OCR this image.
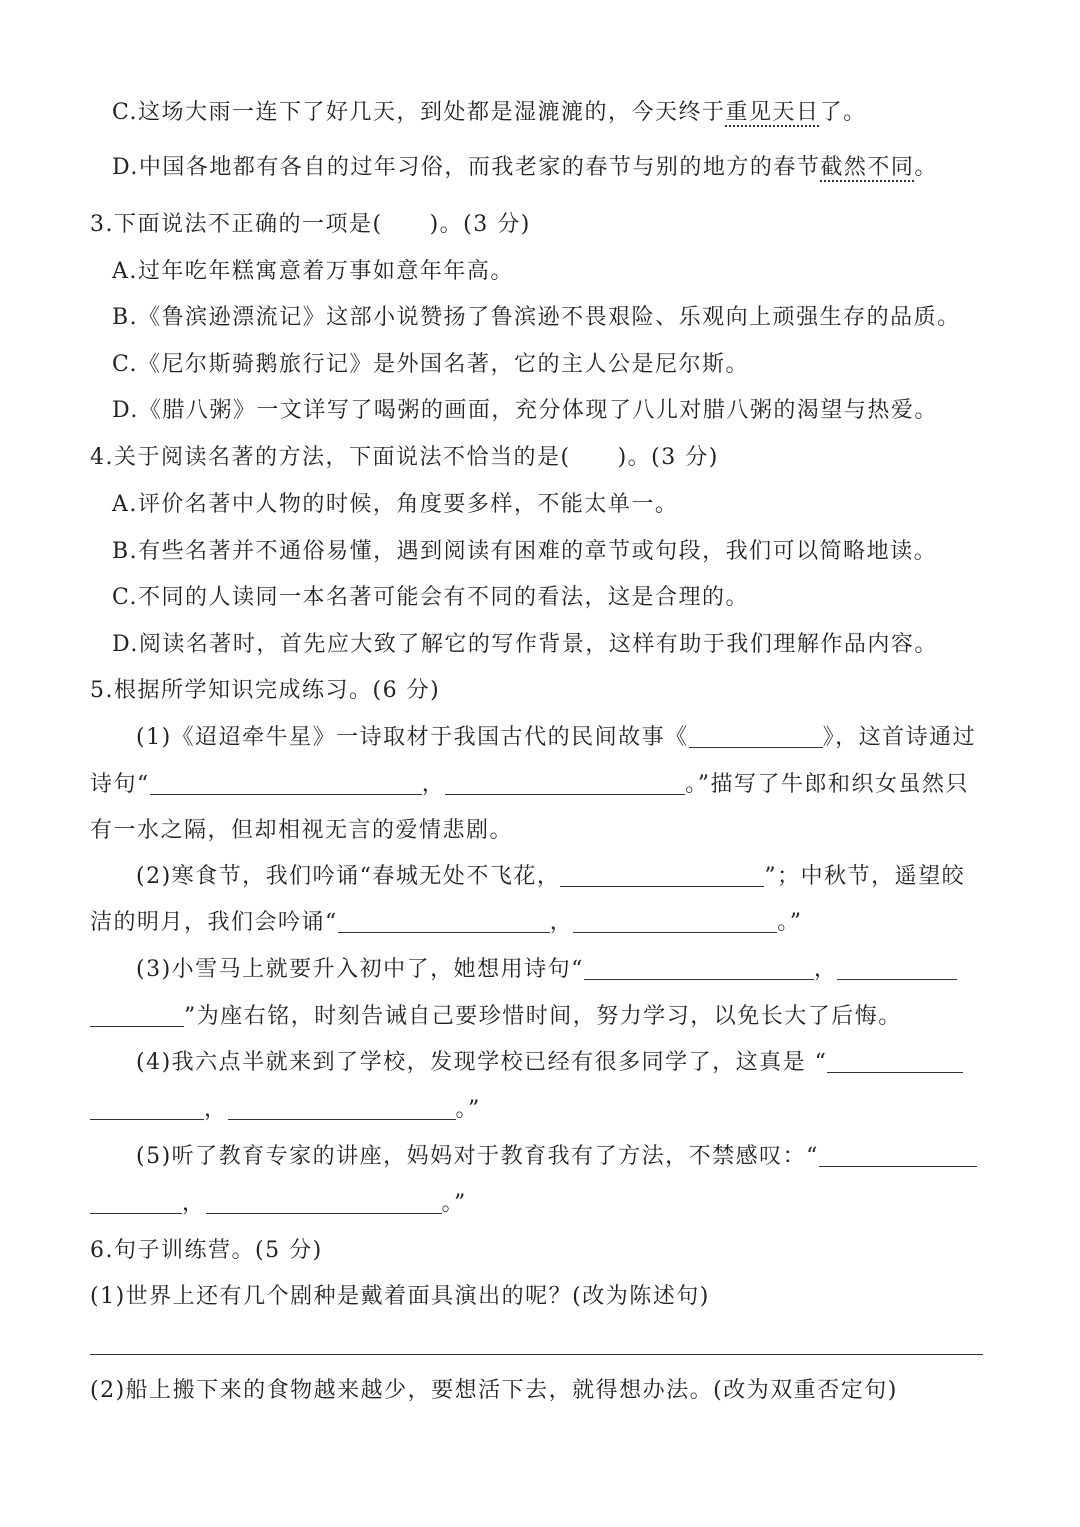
C.这场大雨一连下了好几天，到处都是湿漉漉的，今天终于重见天日了。
D.中国各地都有各自的过年习俗，而我老家的春节与别的地方的春节截然不同。
3.下面说法不正确的一项是(　　)。(3 分)
A.过年吃年糕寓意着万事如意年年高。
B.《鲁滨逊漂流记》这部小说赞扬了鲁滨逊不畏艰险、乐观向上顽强生存的品质。
C.《尼尔斯骑鹅旅行记》是外国名著，它的主人公是尼尔斯。
D.《腊八粥》一文详写了喝粥的画面，充分体现了八儿对腊八粥的渴望与热爱。
4.关于阅读名著的方法，下面说法不恰当的是(　　)。(3 分)
A.评价名著中人物的时候，角度要多样，不能太单一。
B.有些名著并不通俗易懂，遇到阅读有困难的章节或句段，我们可以简略地读。
C.不同的人读同一本名著可能会有不同的看法，这是合理的。
D.阅读名著时，首先应大致了解它的写作背景，这样有助于我们理解作品内容。
5.根据所学知识完成练习。(6 分)
(1)《迢迢牵牛星》一诗取材于我国古代的民间故事《	》，这首诗通过
诗句“	，	。”描写了牛郎和织女虽然只
有一水之隔，但却相视无言的爱情悲剧。
(2)寒食节，我们吟诵“春城无处不飞花，	”；中秋节，遥望皎
洁的明月，我们会吟诵“	，	。”
(3)小雪马上就要升入初中了，她想用诗句“	，
”为座右铭，时刻告诫自己要珍惜时间，努力学习，以免长大了后悔。
(4)我六点半就来到了学校，发现学校已经有很多同学了，这真是 “
，	。”
(5)听了教育专家的讲座，妈妈对于教育我有了方法，不禁感叹：“
，	。”
6.句子训练营。(5 分)
(1)世界上还有几个剧种是戴着面具演出的呢？(改为陈述句)
(2)船上搬下来的食物越来越少，要想活下去，就得想办法。(改为双重否定句)
